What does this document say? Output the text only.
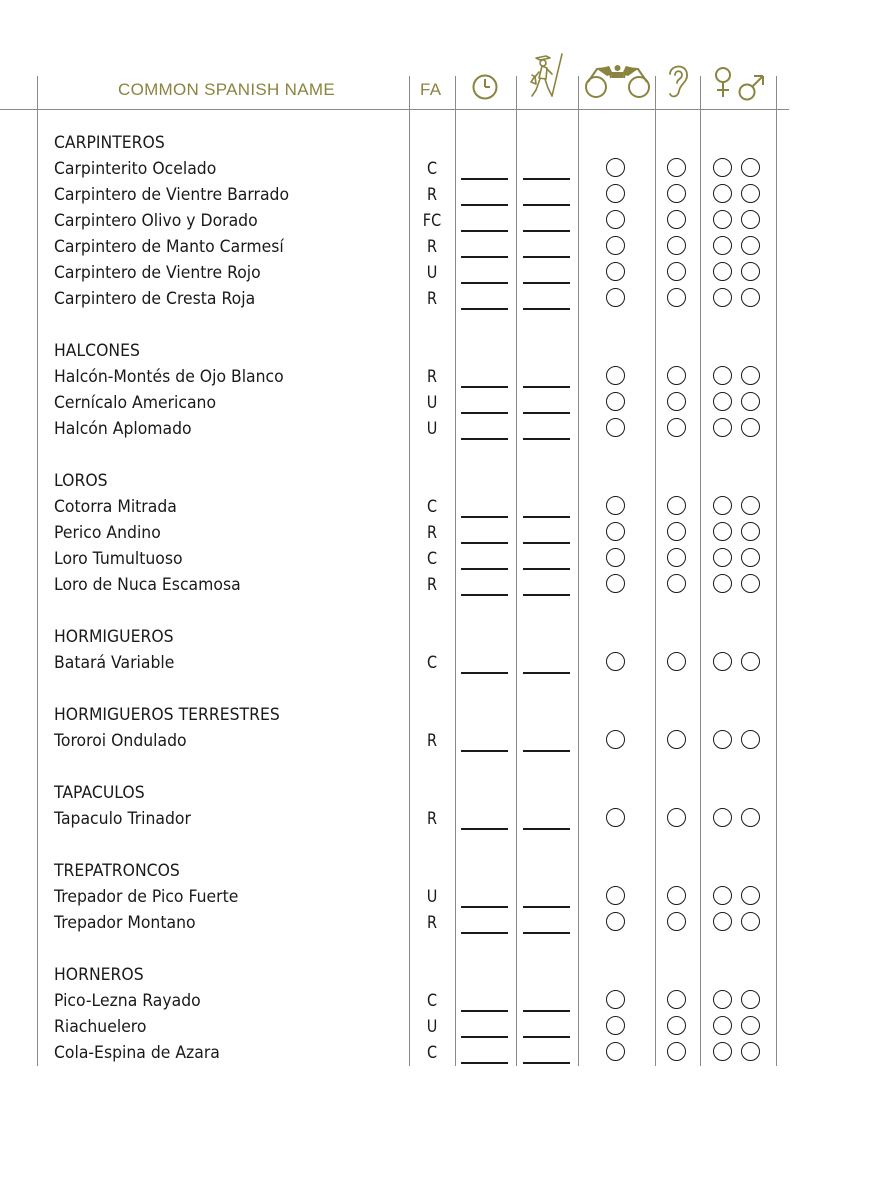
COMMON SPANISH NAME	FA
CARPINTEROS
Carpinterito Ocelado	C
Carpintero de Vientre Barrado	R
Carpintero Olivo y Dorado	FC
Carpintero de Manto Carmesí	R
Carpintero de Vientre Rojo	U
Carpintero de Cresta Roja	R
HALCONES
Halcón-Montés de Ojo Blanco	R
Cernícalo Americano	U
Halcón Aplomado	U
LOROS
Cotorra Mitrada	C
Perico Andino	R
Loro Tumultuoso	C
Loro de Nuca Escamosa	R
HORMIGUEROS
Batará Variable	C
HORMIGUEROS TERRESTRES
Tororoi Ondulado	R
TAPACULOS
Tapaculo Trinador	R
TREPATRONCOS
Trepador de Pico Fuerte	U
Trepador Montano	R
HORNEROS
Pico-Lezna Rayado	C
Riachuelero	U
Cola-Espina de Azara	C
